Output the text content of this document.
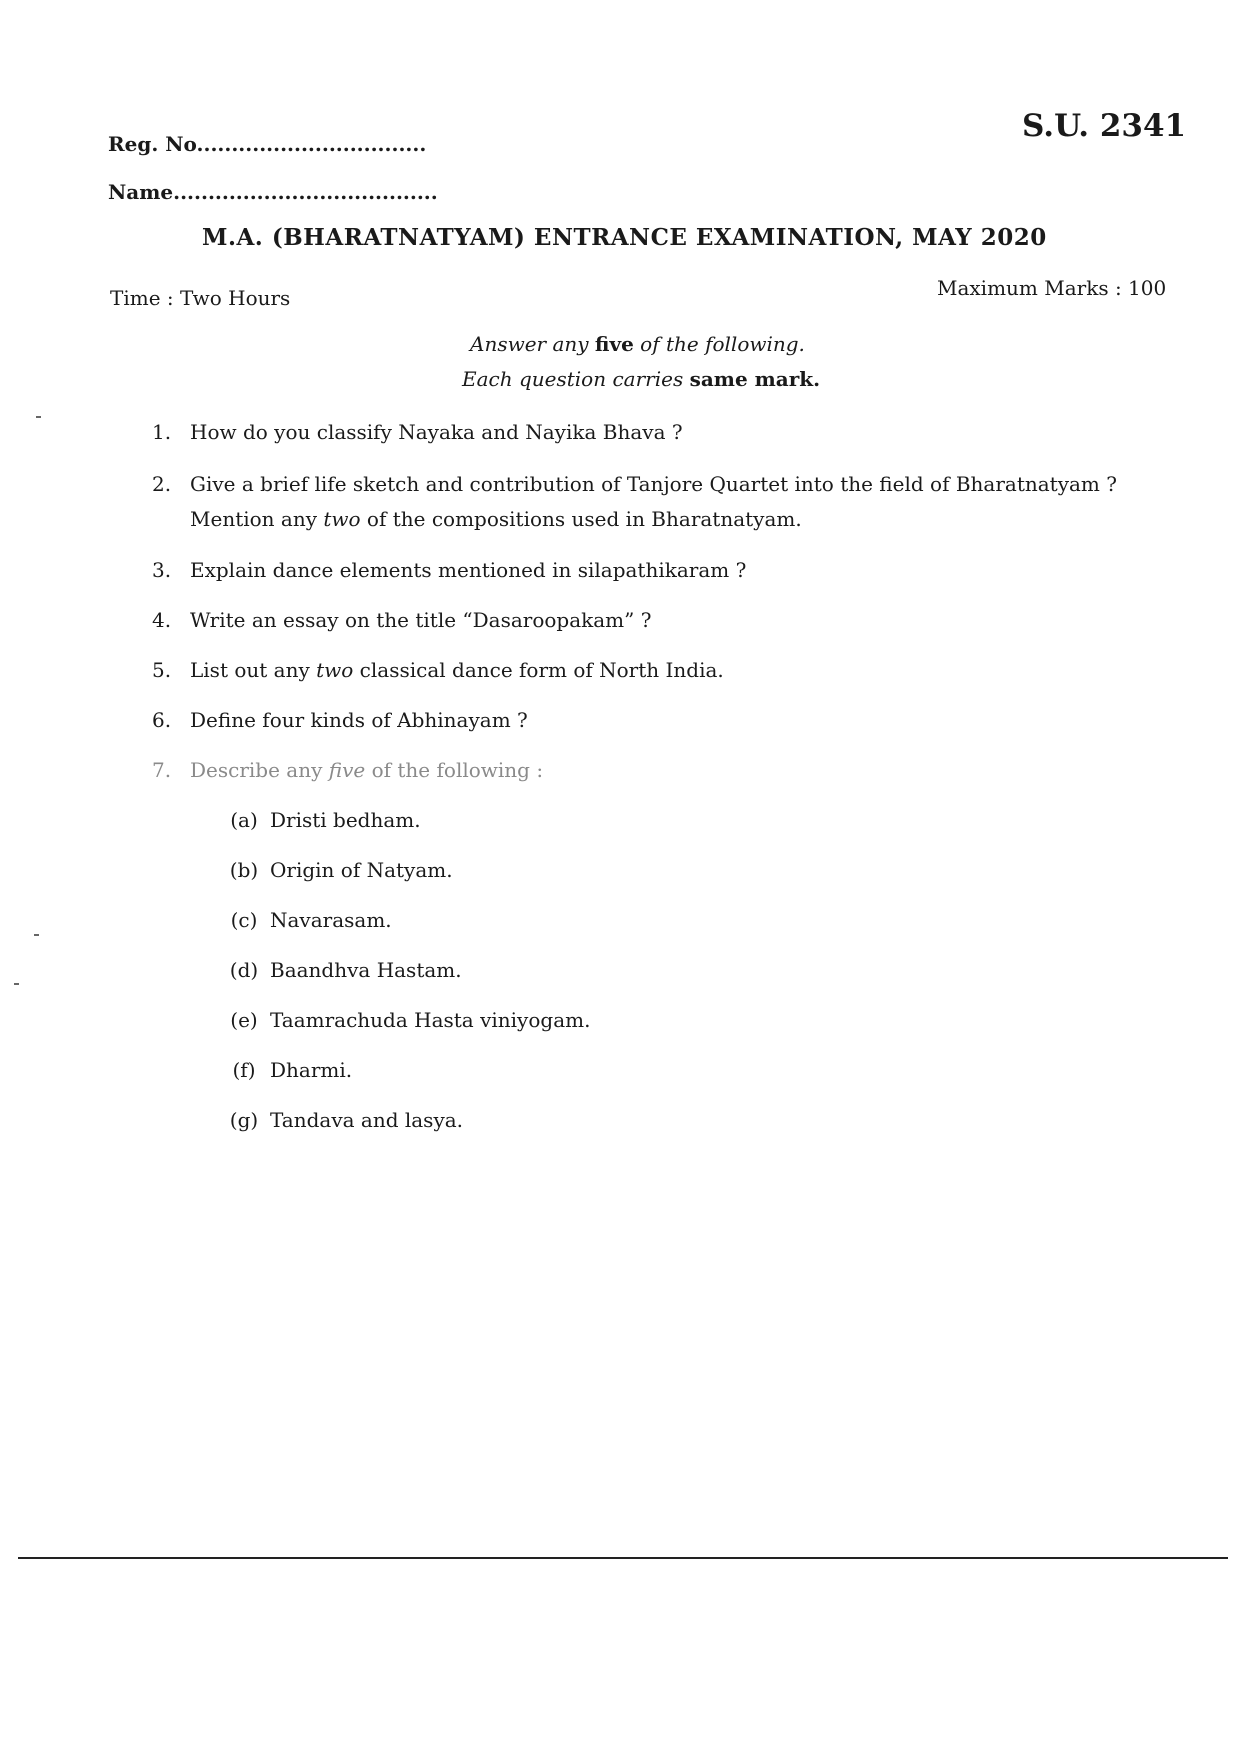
S.U. 2341
Reg. No.................................
Name......................................
M.A. (BHARATNATYAM) ENTRANCE EXAMINATION, MAY 2020
Time : Two Hours	Maximum Marks : 100
Answer any five of the following.
Each question carries same mark.
1. How do you classify Nayaka and Nayika Bhava ?
2. Give a brief life sketch and contribution of Tanjore Quartet into the field of Bharatnatyam ?
Mention any two of the compositions used in Bharatnatyam.
3. Explain dance elements mentioned in silapathikaram ?
4. Write an essay on the title “Dasaroopakam” ?
5. List out any two classical dance form of North India.
6. Define four kinds of Abhinayam ?
7. Describe any five of the following :
(a) Dristi bedham.
(b) Origin of Natyam.
(c) Navarasam.
(d) Baandhva Hastam.
(e) Taamrachuda Hasta viniyogam.
(f) Dharmi.
(g) Tandava and lasya.
